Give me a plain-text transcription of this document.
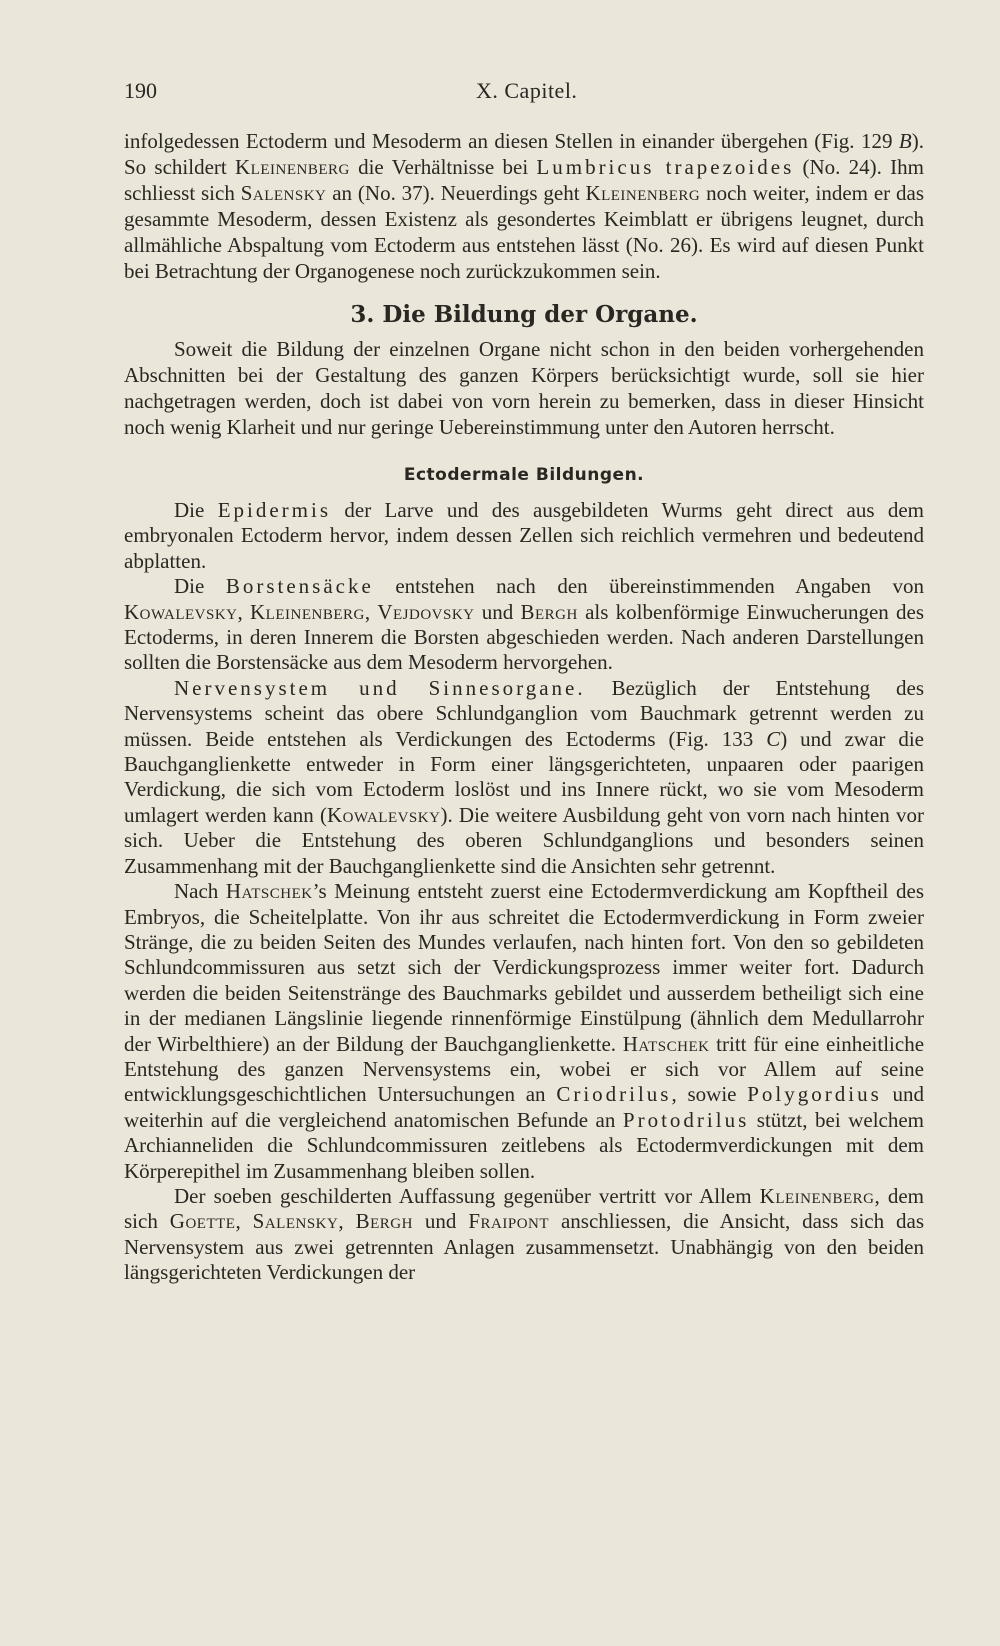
190	X. Capitel.

infolgedessen Ectoderm und Mesoderm an diesen Stellen in einander übergehen (Fig. 129 B). So schildert Kleinenberg die Verhältnisse bei Lumbricus trapezoides (No. 24). Ihm schliesst sich Salensky an (No. 37). Neuerdings geht Kleinenberg noch weiter, indem er das gesammte Mesoderm, dessen Existenz als gesondertes Keimblatt er übrigens leugnet, durch allmähliche Abspaltung vom Ectoderm aus entstehen lässt (No. 26). Es wird auf diesen Punkt bei Betrachtung der Organogenese noch zurückzukommen sein.

3. Die Bildung der Organe.

Soweit die Bildung der einzelnen Organe nicht schon in den beiden vorhergehenden Abschnitten bei der Gestaltung des ganzen Körpers berücksichtigt wurde, soll sie hier nachgetragen werden, doch ist dabei von vorn herein zu bemerken, dass in dieser Hinsicht noch wenig Klarheit und nur geringe Uebereinstimmung unter den Autoren herrscht.

Ectodermale Bildungen.

Die Epidermis der Larve und des ausgebildeten Wurms geht direct aus dem embryonalen Ectoderm hervor, indem dessen Zellen sich reichlich vermehren und bedeutend abplatten.

Die Borstensäcke entstehen nach den übereinstimmenden Angaben von Kowalevsky, Kleinenberg, Vejdovsky und Bergh als kolbenförmige Einwucherungen des Ectoderms, in deren Innerem die Borsten abgeschieden werden. Nach anderen Darstellungen sollten die Borstensäcke aus dem Mesoderm hervorgehen.

Nervensystem und Sinnesorgane. Bezüglich der Entstehung des Nervensystems scheint das obere Schlundganglion vom Bauchmark getrennt werden zu müssen. Beide entstehen als Verdickungen des Ectoderms (Fig. 133 C) und zwar die Bauchganglienkette entweder in Form einer längsgerichteten, unpaaren oder paarigen Verdickung, die sich vom Ectoderm loslöst und ins Innere rückt, wo sie vom Mesoderm umlagert werden kann (Kowalevsky). Die weitere Ausbildung geht von vorn nach hinten vor sich. Ueber die Entstehung des oberen Schlundganglions und besonders seinen Zusammenhang mit der Bauchganglienkette sind die Ansichten sehr getrennt.

Nach Hatschek’s Meinung entsteht zuerst eine Ectodermverdickung am Kopftheil des Embryos, die Scheitelplatte. Von ihr aus schreitet die Ectodermverdickung in Form zweier Stränge, die zu beiden Seiten des Mundes verlaufen, nach hinten fort. Von den so gebildeten Schlundcommissuren aus setzt sich der Verdickungsprozess immer weiter fort. Dadurch werden die beiden Seitenstränge des Bauchmarks gebildet und ausserdem betheiligt sich eine in der medianen Längslinie liegende rinnenförmige Einstülpung (ähnlich dem Medullarrohr der Wirbelthiere) an der Bildung der Bauchganglienkette. Hatschek tritt für eine einheitliche Entstehung des ganzen Nervensystems ein, wobei er sich vor Allem auf seine entwicklungsgeschichtlichen Untersuchungen an Criodrilus, sowie Polygordius und weiterhin auf die vergleichend anatomischen Befunde an Protodrilus stützt, bei welchem Archianneliden die Schlundcommissuren zeitlebens als Ectodermverdickungen mit dem Körperepithel im Zusammenhang bleiben sollen.

Der soeben geschilderten Auffassung gegenüber vertritt vor Allem Kleinenberg, dem sich Goette, Salensky, Bergh und Fraipont anschliessen, die Ansicht, dass sich das Nervensystem aus zwei getrennten Anlagen zusammensetzt. Unabhängig von den beiden längsgerichteten Verdickungen der
